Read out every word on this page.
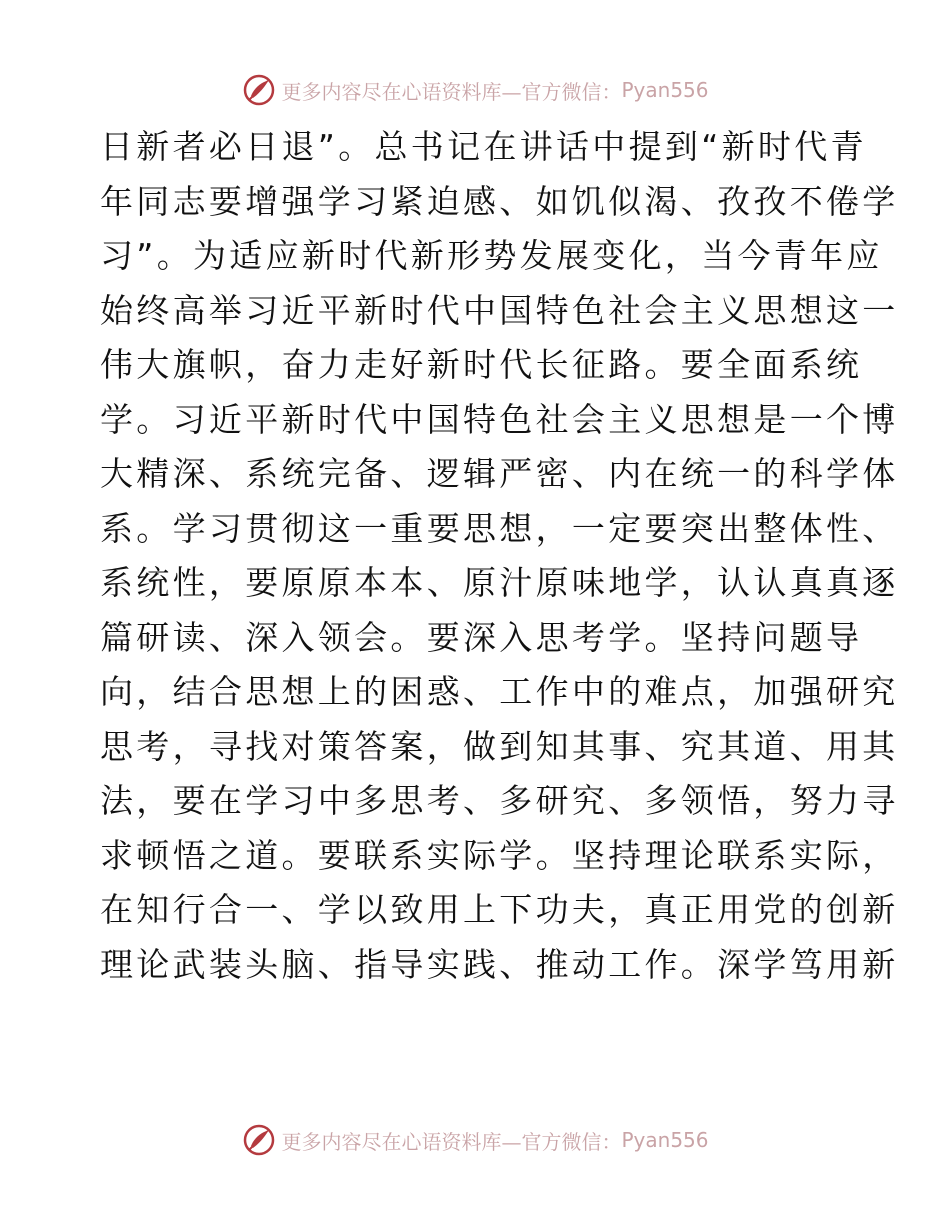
更多内容尽在心语资料库—官方微信： Pyan556
日新者必日退”。总书记在讲话中提到“新时代青
年同志要增强学习紧迫感、如饥似渴、孜孜不倦学
习”。为适应新时代新形势发展变化，当今青年应
始终高举习近平新时代中国特色社会主义思想这一
伟大旗帜，奋力走好新时代长征路。要全面系统
学。习近平新时代中国特色社会主义思想是一个博
大精深、系统完备、逻辑严密、内在统一的科学体
系。学习贯彻这一重要思想，一定要突出整体性、
系统性，要原原本本、原汁原味地学，认认真真逐
篇研读、深入领会。要深入思考学。坚持问题导
向，结合思想上的困惑、工作中的难点，加强研究
思考，寻找对策答案，做到知其事、究其道、用其
法，要在学习中多思考、多研究、多领悟，努力寻
求顿悟之道。要联系实际学。坚持理论联系实际，
在知行合一、学以致用上下功夫，真正用党的创新
理论武装头脑、指导实践、推动工作。深学笃用新
更多内容尽在心语资料库—官方微信： Pyan556
